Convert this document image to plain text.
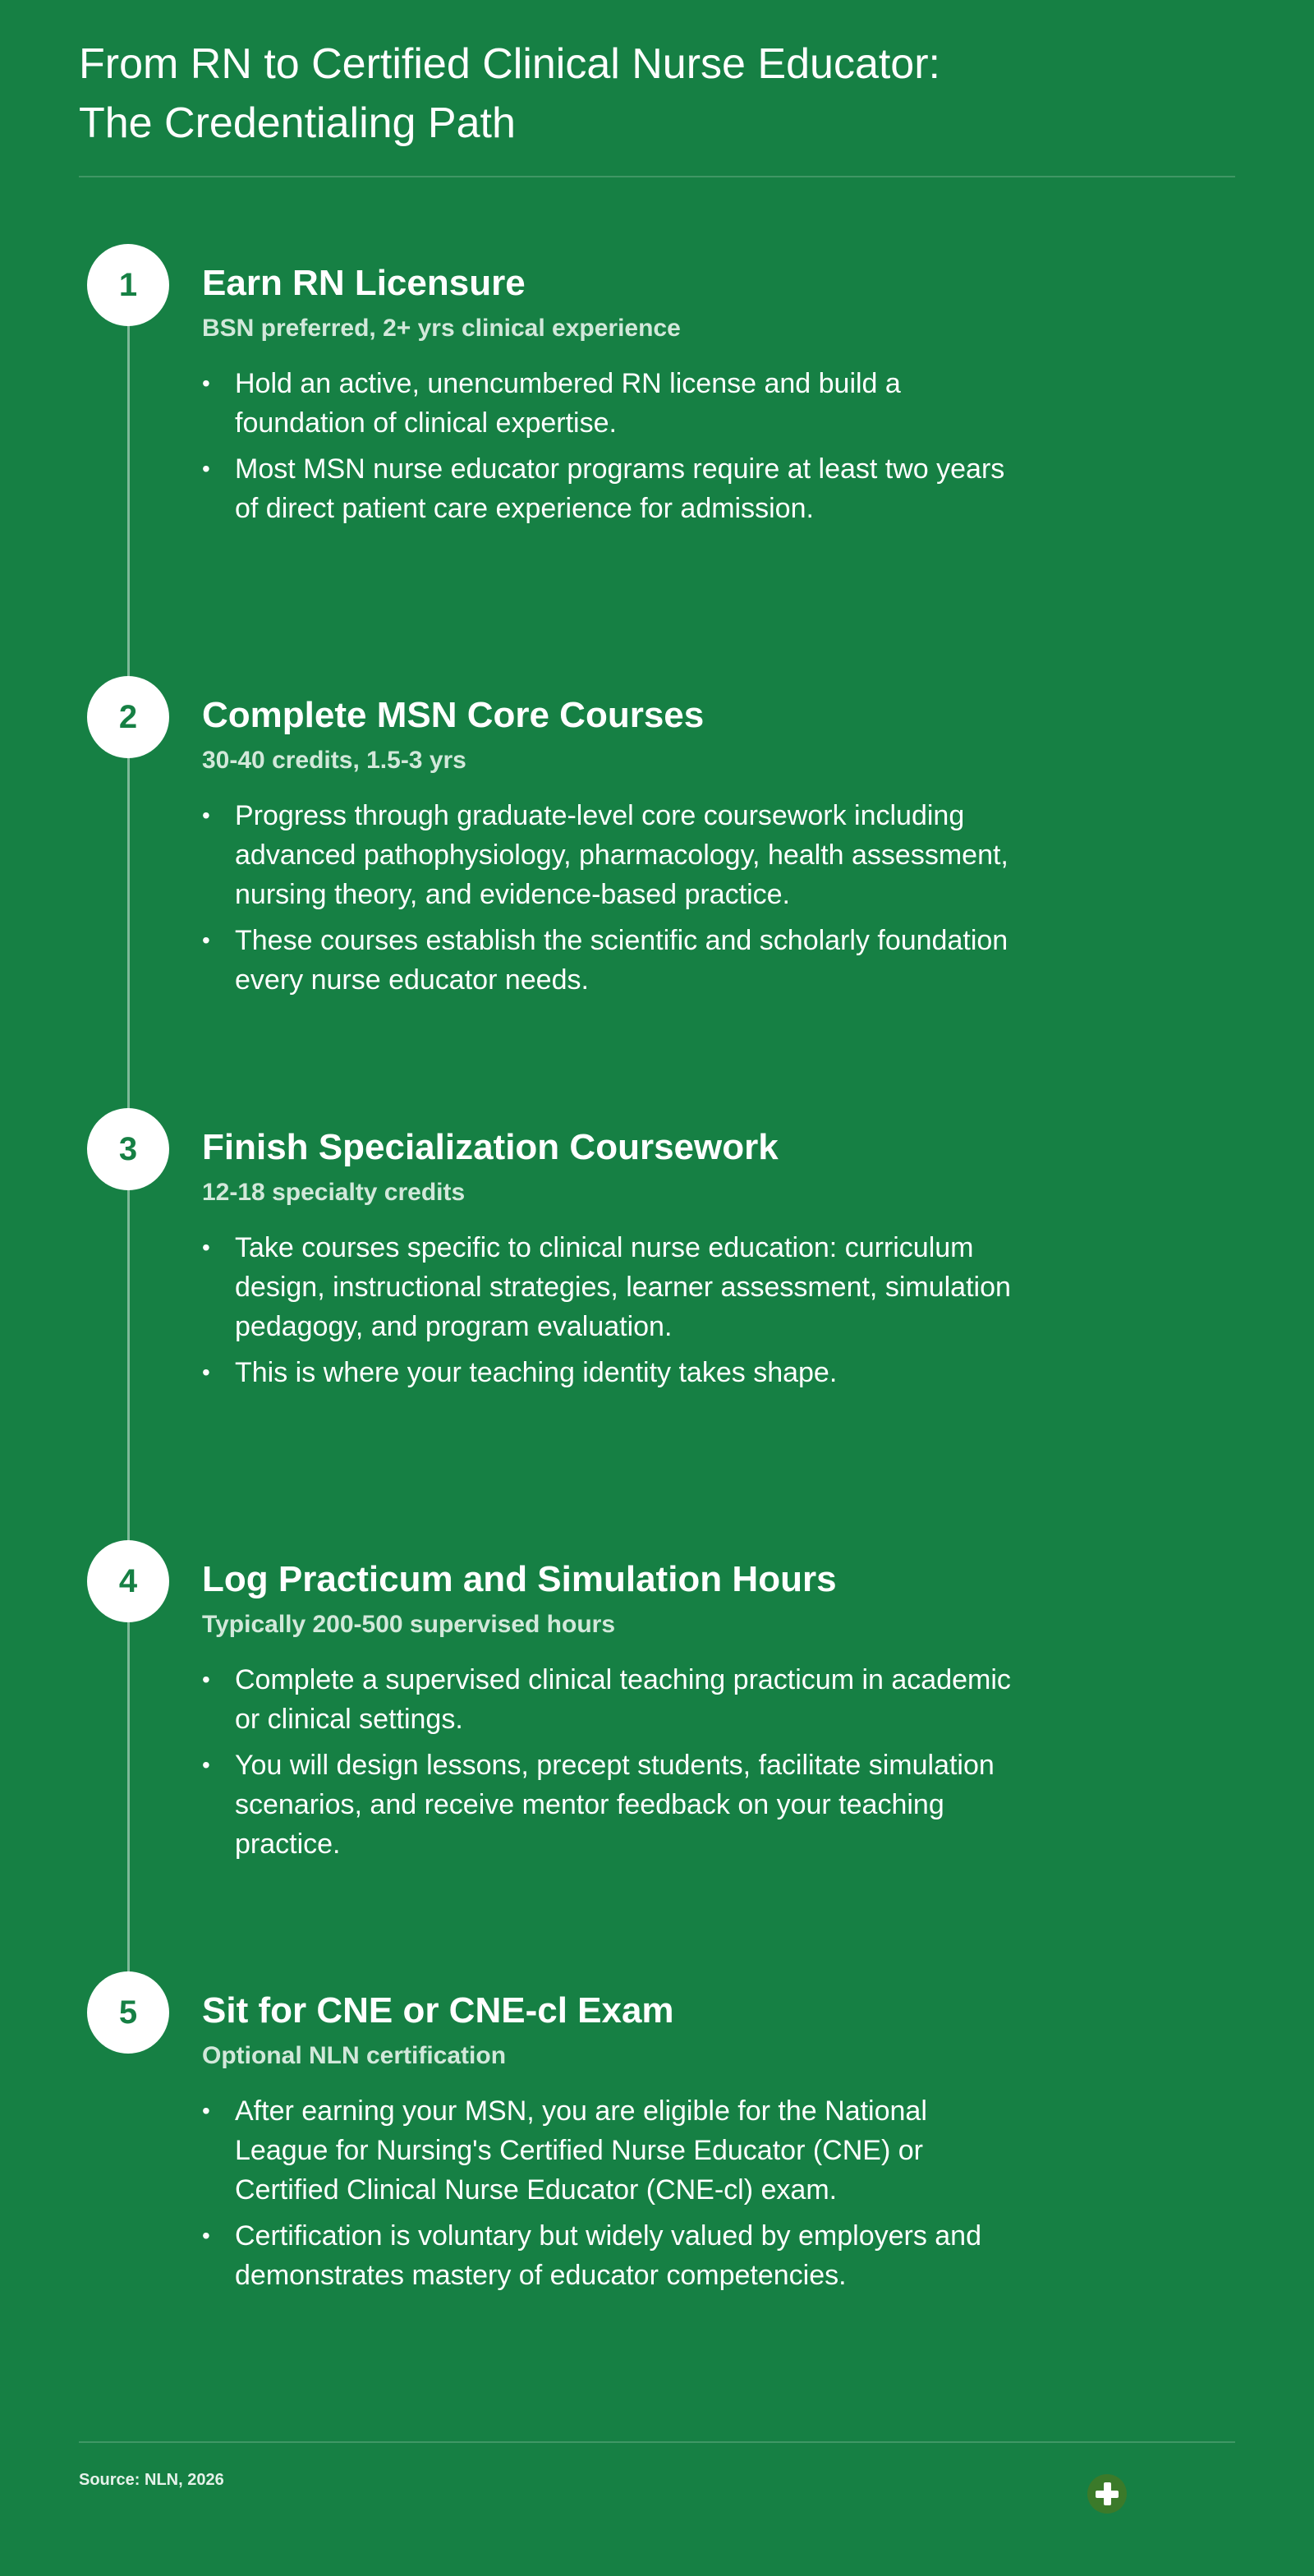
From RN to Certified Clinical Nurse Educator:
The Credentialing Path
1	Earn RN Licensure
BSN preferred, 2+ yrs clinical experience
• Hold an active, unencumbered RN license and build a foundation of clinical expertise.
• Most MSN nurse educator programs require at least two years of direct patient care experience for admission.
2	Complete MSN Core Courses
30-40 credits, 1.5-3 yrs
• Progress through graduate-level core coursework including advanced pathophysiology, pharmacology, health assessment, nursing theory, and evidence-based practice.
• These courses establish the scientific and scholarly foundation every nurse educator needs.
3	Finish Specialization Coursework
12-18 specialty credits
• Take courses specific to clinical nurse education: curriculum design, instructional strategies, learner assessment, simulation pedagogy, and program evaluation.
• This is where your teaching identity takes shape.
4	Log Practicum and Simulation Hours
Typically 200-500 supervised hours
• Complete a supervised clinical teaching practicum in academic or clinical settings.
• You will design lessons, precept students, facilitate simulation scenarios, and receive mentor feedback on your teaching practice.
5	Sit for CNE or CNE-cl Exam
Optional NLN certification
• After earning your MSN, you are eligible for the National League for Nursing's Certified Nurse Educator (CNE) or Certified Clinical Nurse Educator (CNE-cl) exam.
• Certification is voluntary but widely valued by employers and demonstrates mastery of educator competencies.
Source: NLN, 2026
